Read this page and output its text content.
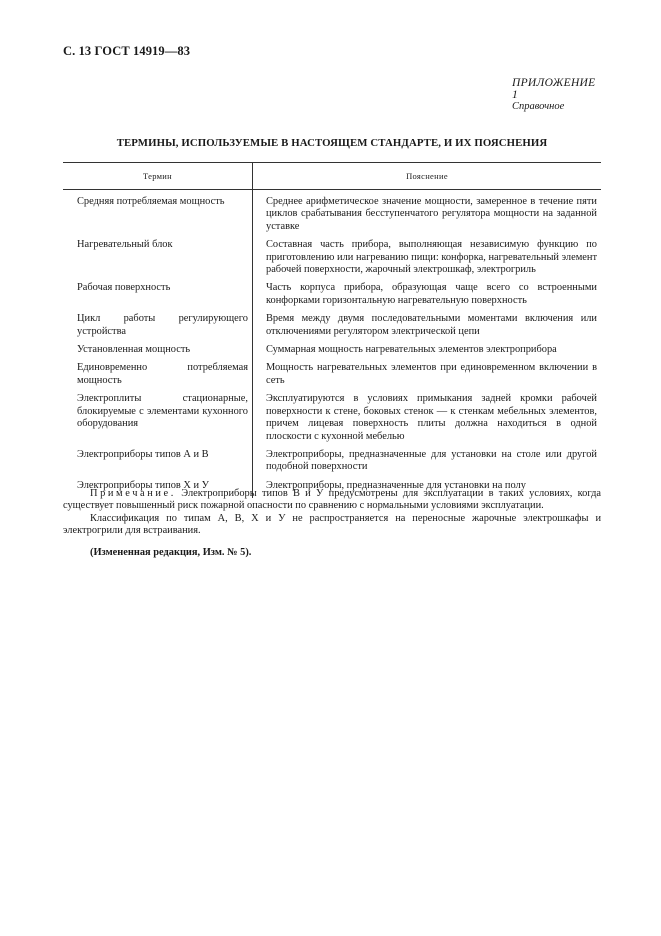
С. 13 ГОСТ 14919—83
ПРИЛОЖЕНИЕ 1
Справочное
ТЕРМИНЫ, ИСПОЛЬЗУЕМЫЕ В НАСТОЯЩЕМ СТАНДАРТЕ, И ИХ ПОЯСНЕНИЯ
Термин	Пояснение

Средняя потребляемая мощность	Среднее арифметическое значение мощности, замеренное в течение пяти циклов срабатывания бесступенчатого регулятора мощности на заданной уставке

Нагревательный блок	Составная часть прибора, выполняющая независимую функцию по приготовлению или нагреванию пищи: конфорка, нагревательный элемент рабочей поверхности, жарочный электрошкаф, электрогриль

Рабочая поверхность	Часть корпуса прибора, образующая чаще всего со встроенными конфорками горизонтальную нагревательную поверхность

Цикл работы регулирующего устройства	Время между двумя последовательными моментами включения или отключениями регулятором электрической цепи

Установленная мощность	Суммарная мощность нагревательных элементов электроприбора

Единовременно потребляемая мощность	Мощность нагревательных элементов при единовременном включении в сеть

Электроплиты стационарные, блокируемые с элементами кухонного оборудования	Эксплуатируются в условиях примыкания задней кромки рабочей поверхности к стене, боковых стенок — к стенкам мебельных элементов, причем лицевая поверхность плиты должна находиться в одной плоскости с кухонной мебелью

Электроприборы типов А и В	Электроприборы, предназначенные для установки на столе или другой подобной поверхности

Электроприборы типов X и У	Электроприборы, предназначенные для установки на полу

Примечание. Электроприборы типов В и У предусмотрены для эксплуатации в таких условиях, когда существует повышенный риск пожарной опасности по сравнению с нормальными условиями эксплуатации.

Классификация по типам А, В, X и У не распространяется на переносные жарочные электрошкафы и электрогрили для встраивания.

(Измененная редакция, Изм. № 5).
